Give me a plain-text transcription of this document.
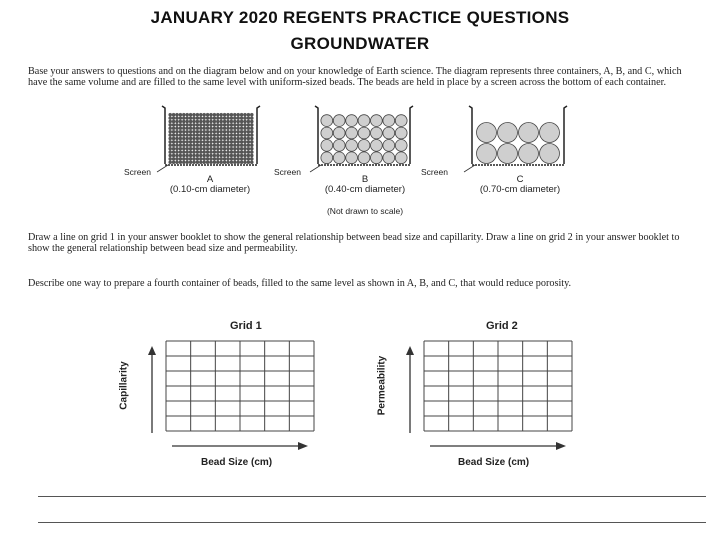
JANUARY 2020 REGENTS PRACTICE QUESTIONS
GROUNDWATER
Base your answers to questions and on the diagram below and on your knowledge of Earth science. The diagram represents three containers, A, B, and C, which have the same volume and are filled to the same level with uniform-sized beads. The beads are held in place by a screen across the bottom of each container.
Screen	Screen	Screen
A	B	C
(0.10-cm diameter)	(0.40-cm diameter)	(0.70-cm diameter)
(Not drawn to scale)
Draw a line on grid 1 in your answer booklet to show the general relationship between bead size and capillarity. Draw a line on grid 2 in your answer booklet to show the general relationship between bead size and permeability.
Describe one way to prepare a fourth container of beads, filled to the same level as shown in A, B, and C, that would reduce porosity.
Grid 1	Grid 2
Capillarity
Bead Size (cm)
Permeability
Bead Size (cm)
